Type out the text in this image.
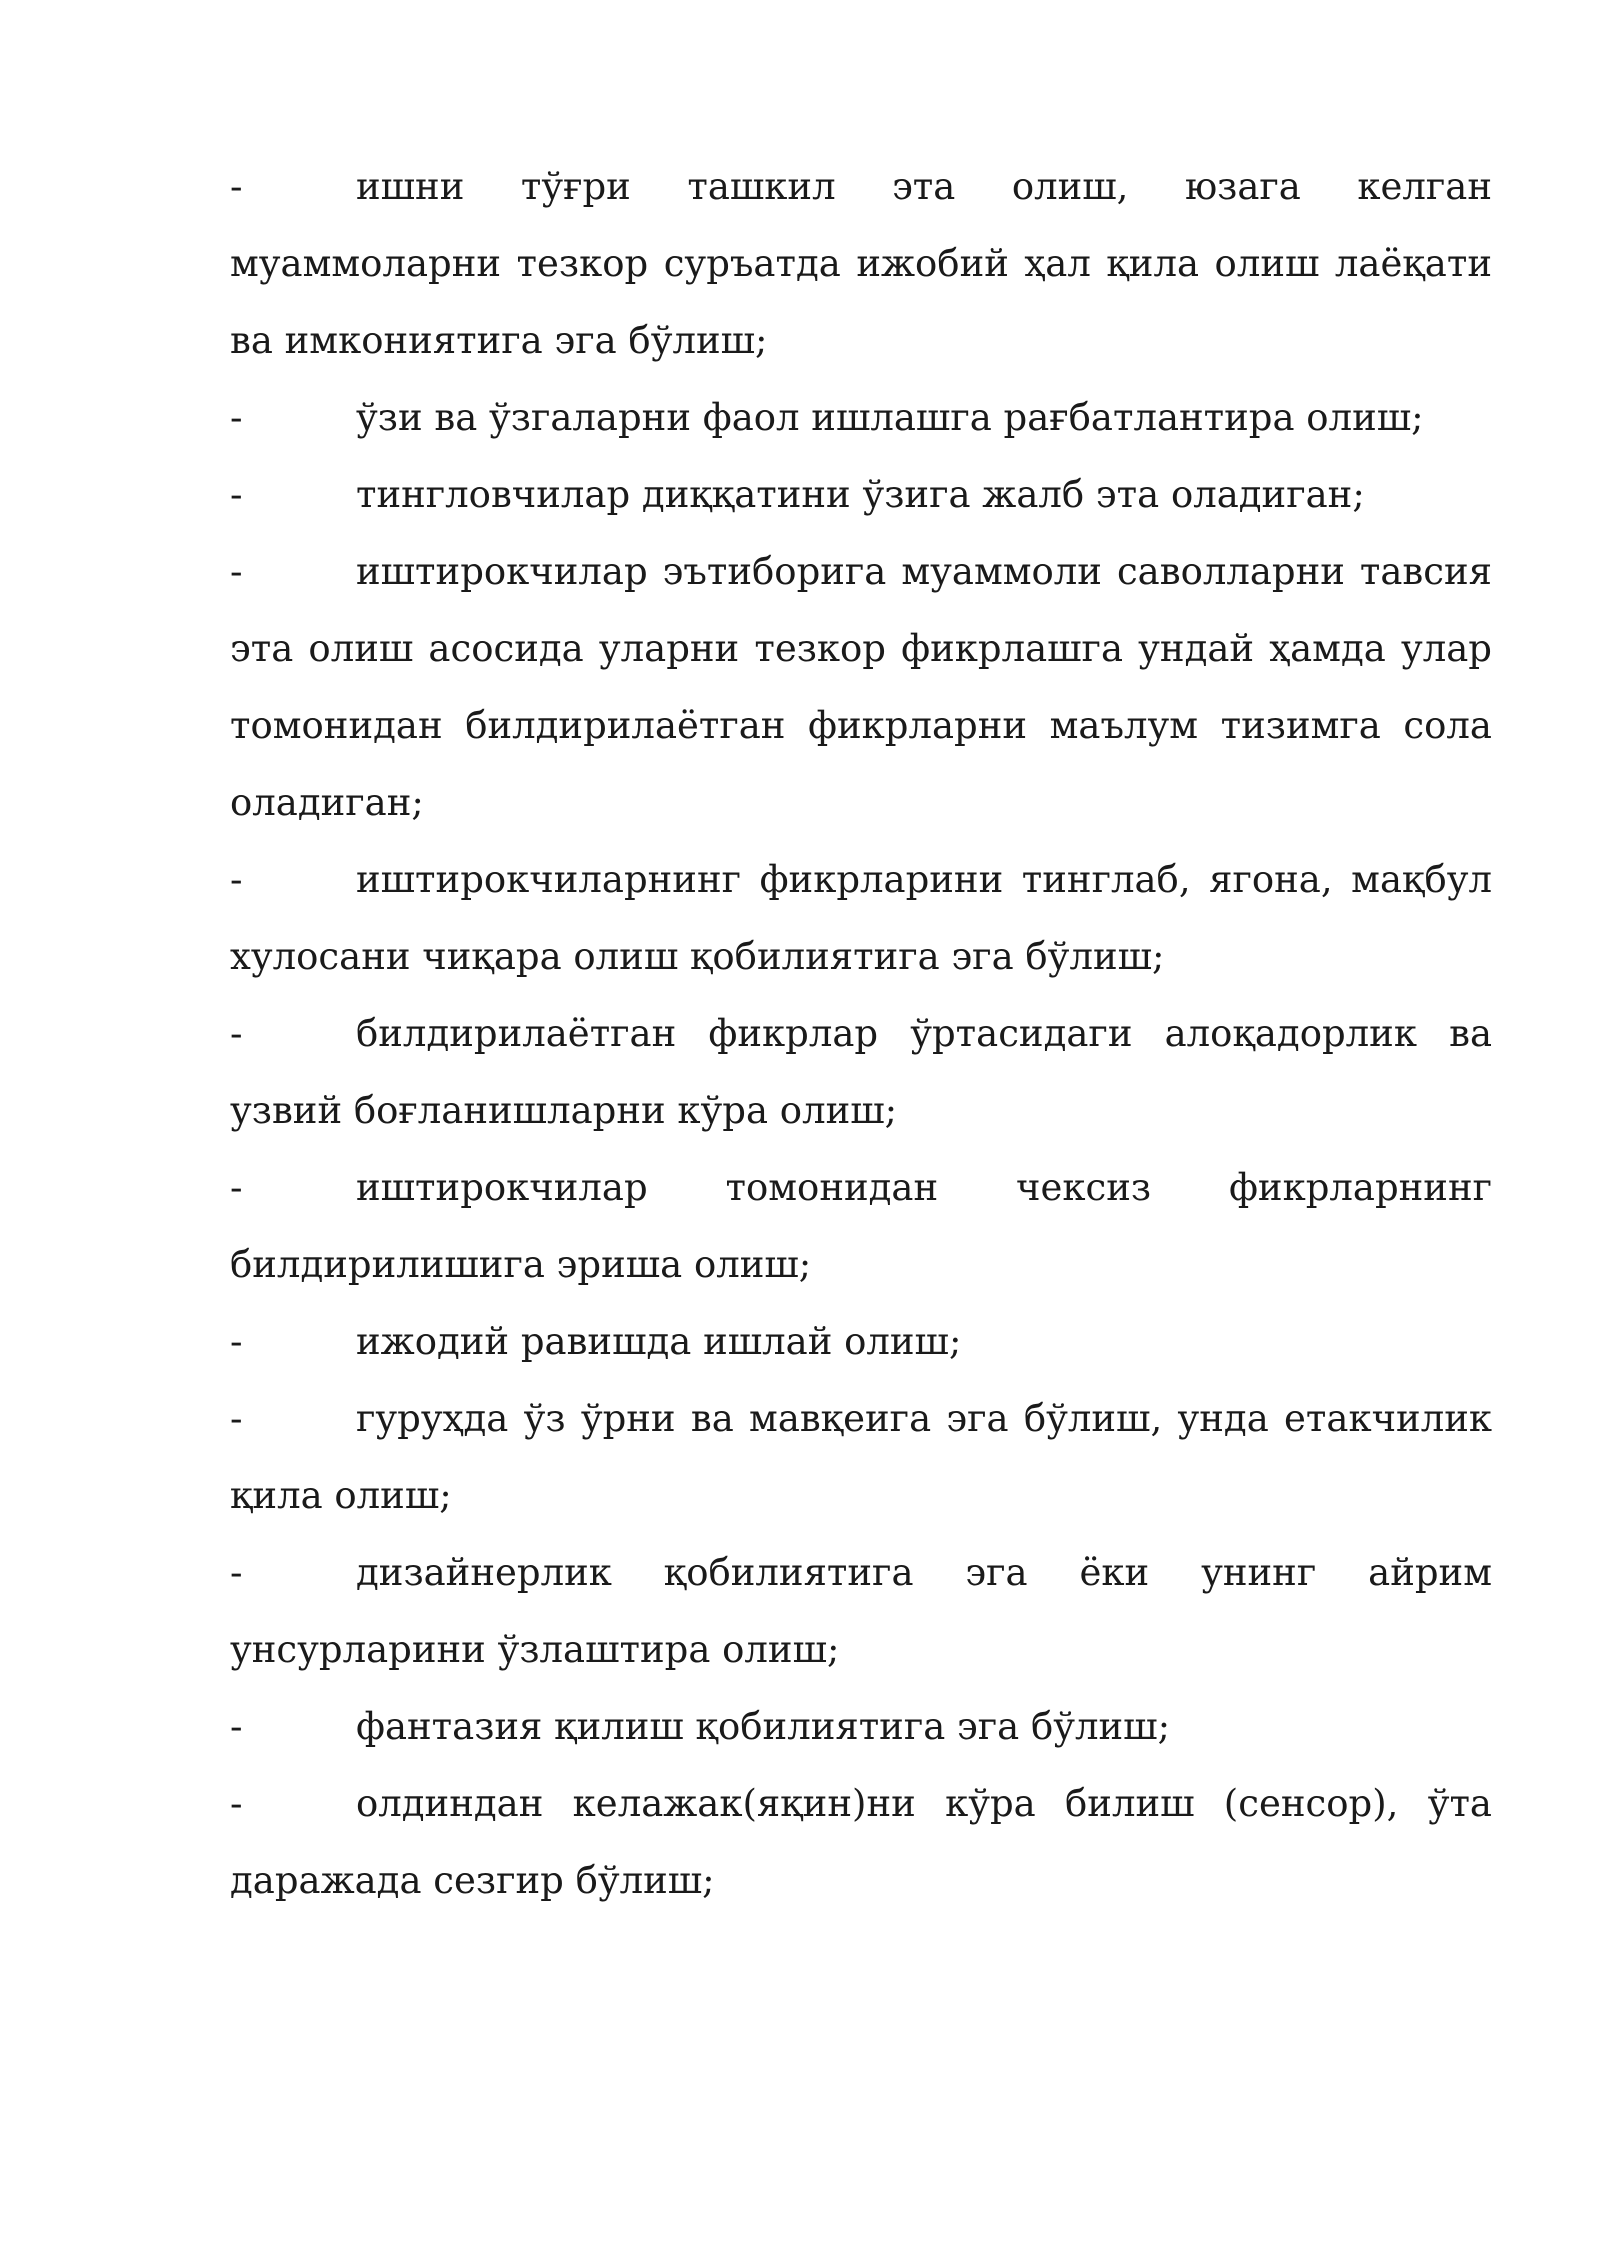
-	ишни тўғри ташкил эта олиш, юзага келган муаммоларни тезкор суръатда ижобий ҳал қила олиш лаёқати ва имкониятига эга бўлиш;

-	ўзи ва ўзгаларни фаол ишлашга рағбатлантира олиш;

-	тингловчилар диққатини ўзига жалб эта оладиган;

-	иштирокчилар эътиборига муаммоли саволларни тавсия эта олиш асосида уларни тезкор фикрлашга ундай ҳамда улар томонидан билдирилаётган фикрларни маълум тизимга сола оладиган;

-	иштирокчиларнинг фикрларини тинглаб, ягона, мақбул хулосани чиқара олиш қобилиятига эга бўлиш;

-	билдирилаётган фикрлар ўртасидаги алоқадорлик ва узвий боғланишларни кўра олиш;

-	иштирокчилар томонидан чексиз фикрларнинг билдирилишига эриша олиш;

-	ижодий равишда ишлай олиш;

-	гуруҳда ўз ўрни ва мавқеига эга бўлиш, унда етакчилик қила олиш;

-	дизайнерлик қобилиятига эга ёки унинг айрим унсурларини ўзлаштира олиш;

-	фантазия қилиш қобилиятига эга бўлиш;

-	олдиндан келажак(яқин)ни кўра билиш (сенсор), ўта даражада сезгир бўлиш;
